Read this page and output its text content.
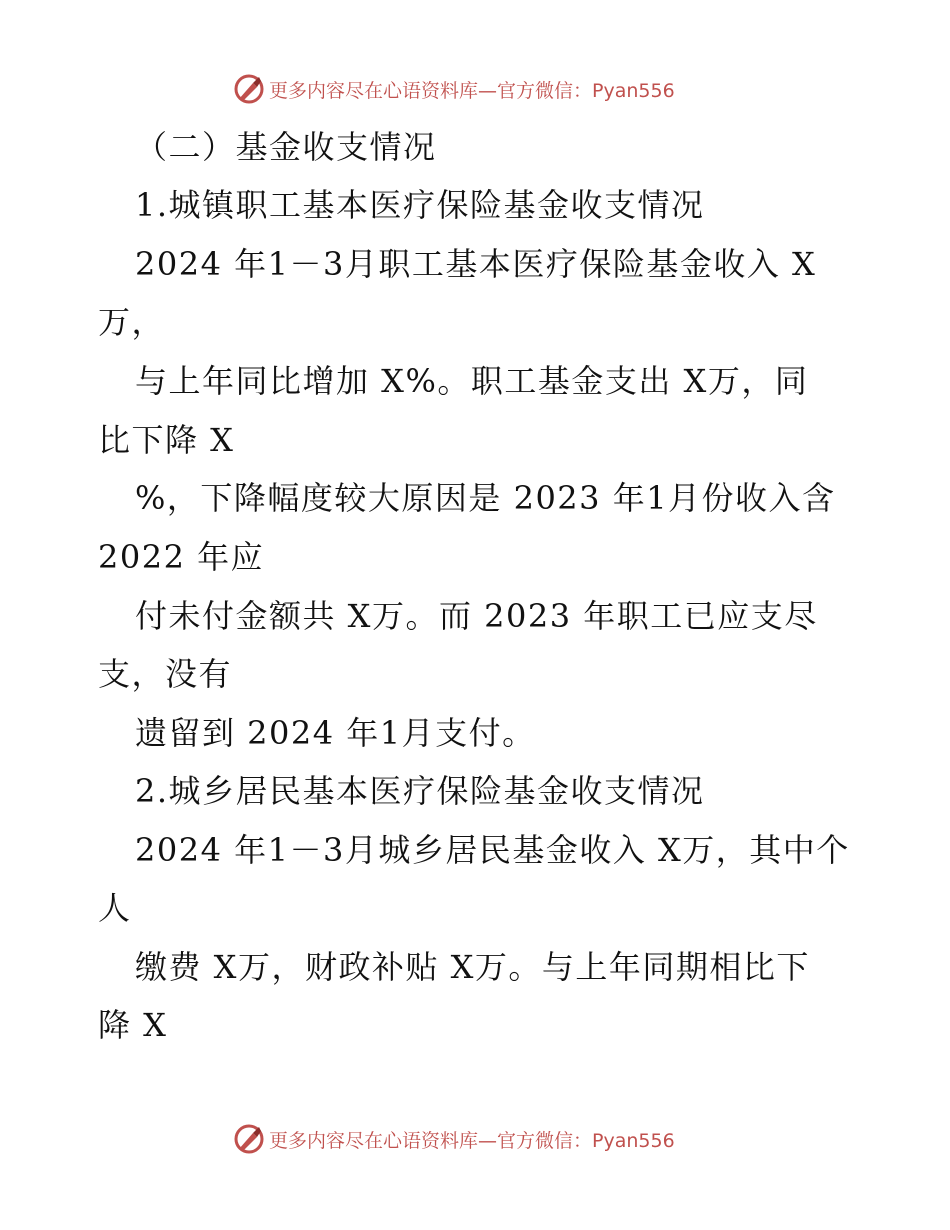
更多内容尽在心语资料库—官方微信：Pyan556
（二）基金收支情况
1.城镇职工基本医疗保险基金收支情况
2024 年1－3月职工基本医疗保险基金收入 X
万，
与上年同比增加 X%。职工基金支出 X万，同
比下降 X
%，下降幅度较大原因是 2023 年1月份收入含
2022 年应
付未付金额共 X万。而 2023 年职工已应支尽
支，没有
遗留到 2024 年1月支付。
2.城乡居民基本医疗保险基金收支情况
2024 年1－3月城乡居民基金收入 X万，其中个
人
缴费 X万，财政补贴 X万。与上年同期相比下
降 X
更多内容尽在心语资料库—官方微信：Pyan556
